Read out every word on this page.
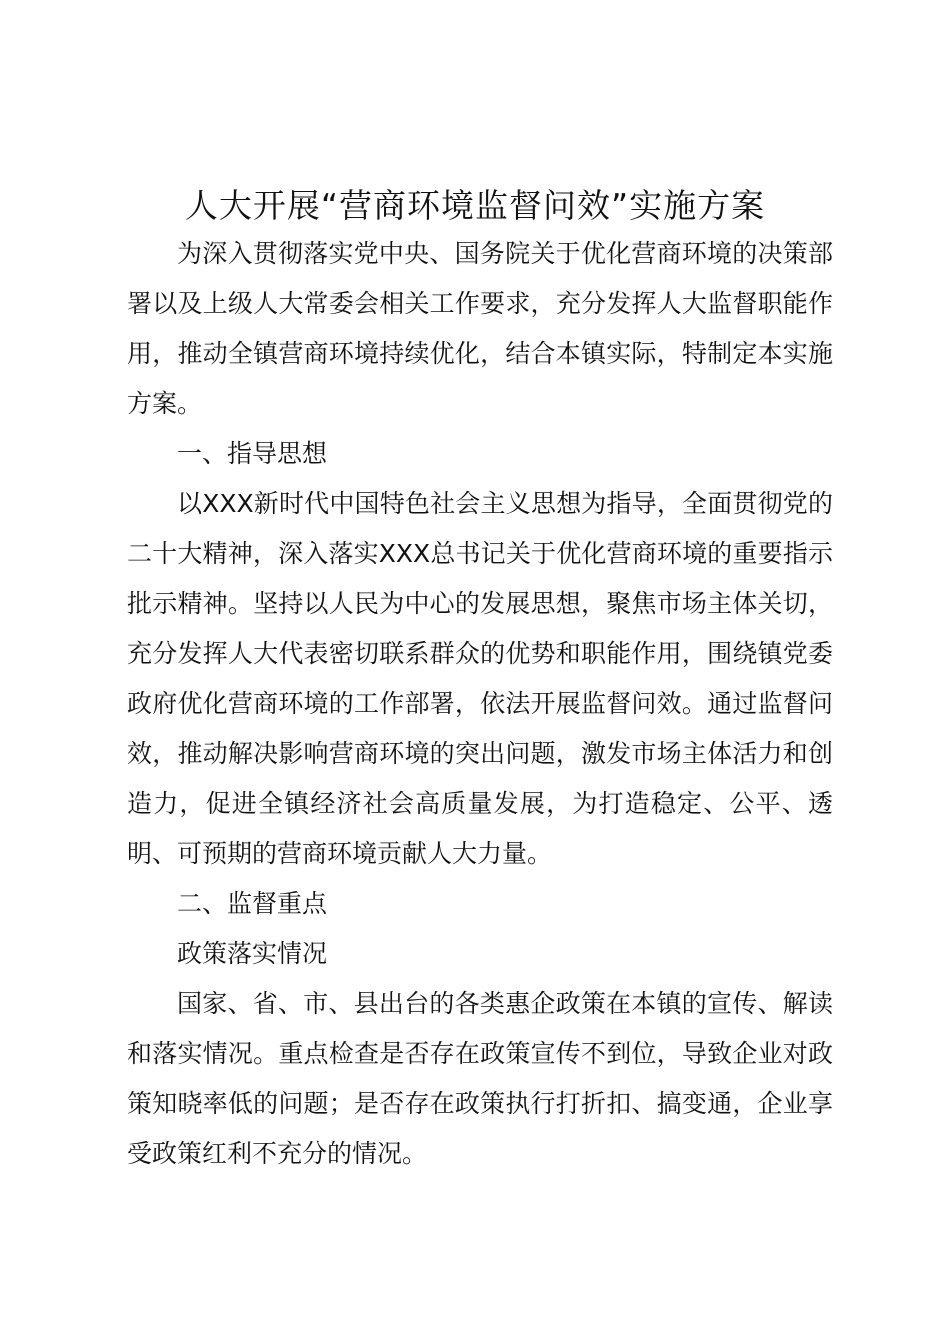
人大开展“营商环境监督问效”实施方案

为深入贯彻落实党中央、国务院关于优化营商环境的决策部署以及上级人大常委会相关工作要求，充分发挥人大监督职能作用，推动全镇营商环境持续优化，结合本镇实际，特制定本实施方案。

一、指导思想

以XXX新时代中国特色社会主义思想为指导，全面贯彻党的二十大精神，深入落实XXX总书记关于优化营商环境的重要指示批示精神。坚持以人民为中心的发展思想，聚焦市场主体关切，充分发挥人大代表密切联系群众的优势和职能作用，围绕镇党委政府优化营商环境的工作部署，依法开展监督问效。通过监督问效，推动解决影响营商环境的突出问题，激发市场主体活力和创造力，促进全镇经济社会高质量发展，为打造稳定、公平、透明、可预期的营商环境贡献人大力量。

二、监督重点

政策落实情况

国家、省、市、县出台的各类惠企政策在本镇的宣传、解读和落实情况。重点检查是否存在政策宣传不到位，导致企业对政策知晓率低的问题；是否存在政策执行打折扣、搞变通，企业享受政策红利不充分的情况。
